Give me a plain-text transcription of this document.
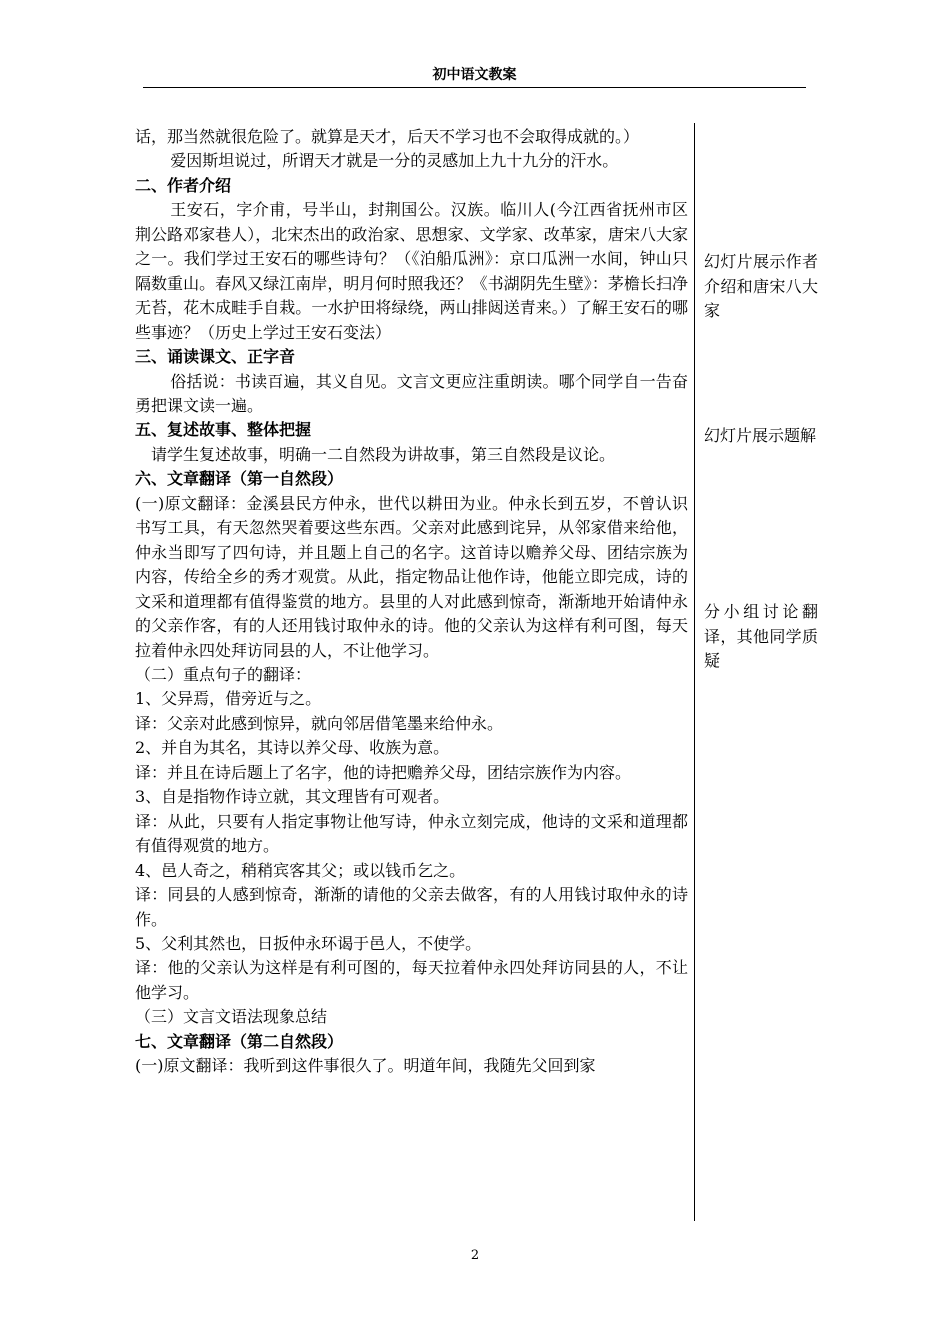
初中语文教案

话，那当然就很危险了。就算是天才，后天不学习也不会取得成就的。）

爱因斯坦说过，所谓天才就是一分的灵感加上九十九分的汗水。

二、作者介绍

王安石，字介甫，号半山，封荆国公。汉族。临川人(今江西省抚州市区荆公路邓家巷人），北宋杰出的政治家、思想家、文学家、改革家，唐宋八大家之一。我们学过王安石的哪些诗句？（《泊船瓜洲》：京口瓜洲一水间，钟山只隔数重山。春风又绿江南岸，明月何时照我还？《书湖阴先生壁》：茅檐长扫净无苔，花木成畦手自栽。一水护田将绿绕，两山排闼送青来。）了解王安石的哪些事迹？（历史上学过王安石变法）

三、诵读课文、正字音

俗括说：书读百遍，其义自见。文言文更应注重朗读。哪个同学自一告奋勇把课文读一遍。

五、复述故事、整体把握

请学生复述故事，明确一二自然段为讲故事，第三自然段是议论。

六、文章翻译（第一自然段）

(一)原文翻译：金溪县民方仲永，世代以耕田为业。仲永长到五岁，不曾认识书写工具，有天忽然哭着要这些东西。父亲对此感到诧异，从邻家借来给他，仲永当即写了四句诗，并且题上自己的名字。这首诗以赡养父母、团结宗族为内容，传给全乡的秀才观赏。从此，指定物品让他作诗，他能立即完成，诗的文采和道理都有值得鉴赏的地方。县里的人对此感到惊奇，渐渐地开始请仲永的父亲作客，有的人还用钱讨取仲永的诗。他的父亲认为这样有利可图，每天拉着仲永四处拜访同县的人，不让他学习。

（二）重点句子的翻译：

1、父异焉，借旁近与之。

译：父亲对此感到惊异，就向邻居借笔墨来给仲永。

2、并自为其名，其诗以养父母、收族为意。

译：并且在诗后题上了名字，他的诗把赡养父母，团结宗族作为内容。

3、自是指物作诗立就，其文理皆有可观者。

译：从此，只要有人指定事物让他写诗，仲永立刻完成，他诗的文采和道理都有值得观赏的地方。

4、邑人奇之，稍稍宾客其父；或以钱币乞之。

译：同县的人感到惊奇，渐渐的请他的父亲去做客，有的人用钱讨取仲永的诗作。

5、父利其然也，日扳仲永环谒于邑人，不使学。

译：他的父亲认为这样是有利可图的，每天拉着仲永四处拜访同县的人，不让他学习。

（三）文言文语法现象总结

七、文章翻译（第二自然段）

(一)原文翻译：我听到这件事很久了。明道年间，我随先父回到家

幻灯片展示作者介绍和唐宋八大家
幻灯片展示题解
分小组讨论翻译，其他同学质疑
2
